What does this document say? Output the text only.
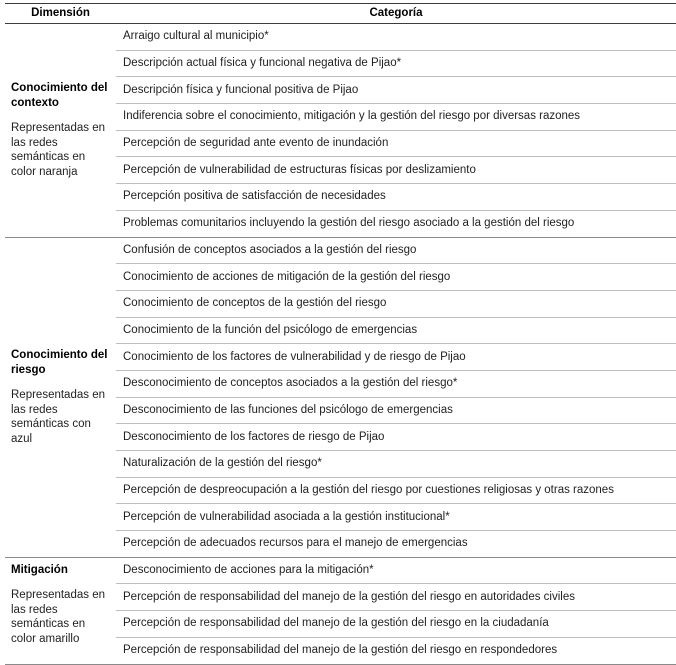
Dimensión	Categoría

Conocimiento del contexto
Representadas en las redes semánticas en color naranja	Arraigo cultural al municipio*
	Descripción actual física y funcional negativa de Pijao*
	Descripción física y funcional positiva de Pijao
	Indiferencia sobre el conocimiento, mitigación y la gestión del riesgo por diversas razones
	Percepción de seguridad ante evento de inundación
	Percepción de vulnerabilidad de estructuras físicas por deslizamiento
	Percepción positiva de satisfacción de necesidades
	Problemas comunitarios incluyendo la gestión del riesgo asociado a la gestión del riesgo

Conocimiento del riesgo
Representadas en las redes semánticas con azul	Confusión de conceptos asociados a la gestión del riesgo
	Conocimiento de acciones de mitigación de la gestión del riesgo
	Conocimiento de conceptos de la gestión del riesgo
	Conocimiento de la función del psicólogo de emergencias
	Conocimiento de los factores de vulnerabilidad y de riesgo de Pijao
	Desconocimiento de conceptos asociados a la gestión del riesgo*
	Desconocimiento de las funciones del psicólogo de emergencias
	Desconocimiento de los factores de riesgo de Pijao
	Naturalización de la gestión del riesgo*
	Percepción de despreocupación a la gestión del riesgo por cuestiones religiosas y otras razones
	Percepción de vulnerabilidad asociada a la gestión institucional*
	Percepción de adecuados recursos para el manejo de emergencias

Mitigación
Representadas en las redes semánticas en color amarillo	Desconocimiento de acciones para la mitigación*
	Percepción de responsabilidad del manejo de la gestión del riesgo en autoridades civiles
	Percepción de responsabilidad del manejo de la gestión del riesgo en la ciudadanía
	Percepción de responsabilidad del manejo de la gestión del riesgo en respondedores
